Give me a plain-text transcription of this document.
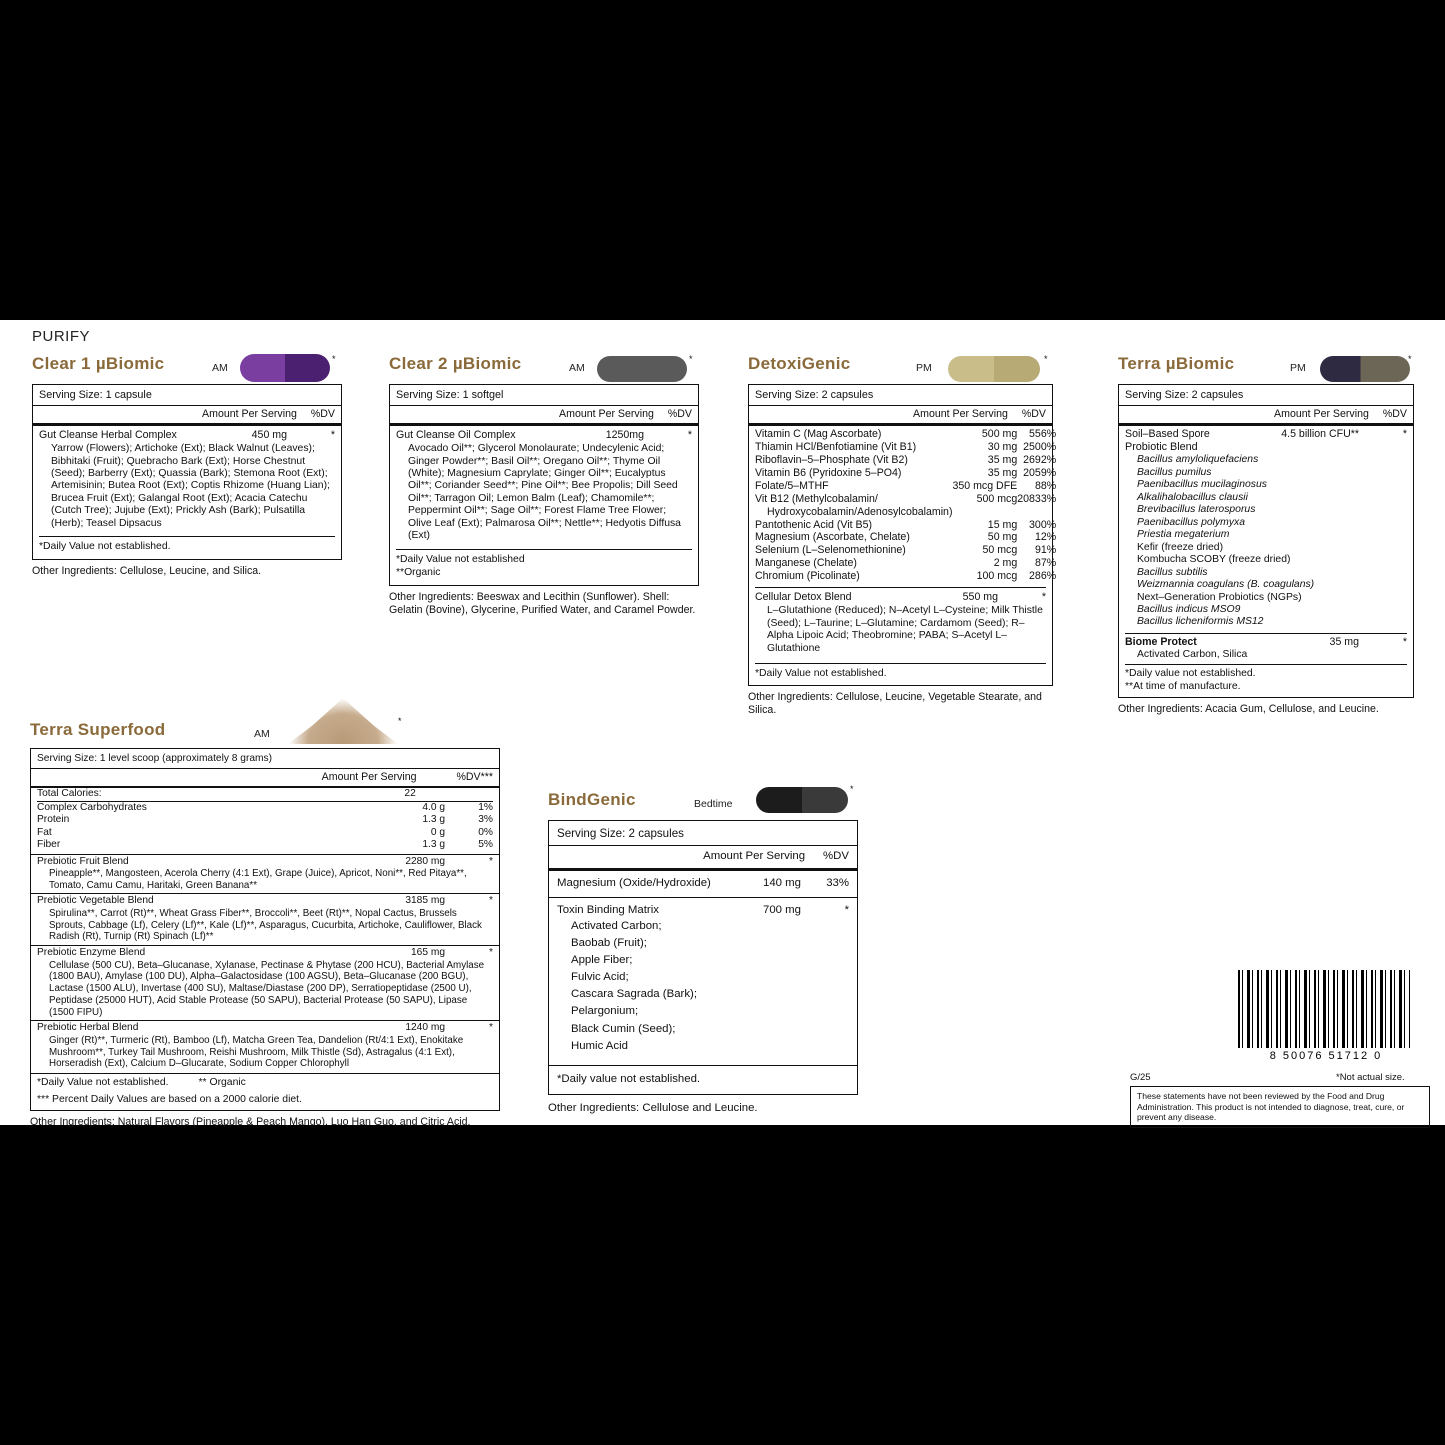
PURIFY
Clear 1 µBiomic	AM
*
Serving Size: 1 capsule
Amount Per Serving %DV
Gut Cleanse Herbal Complex	450 mg	*
Yarrow (Flowers); Artichoke (Ext); Black Walnut (Leaves); Bibhitaki (Fruit); Quebracho Bark (Ext); Horse Chestnut (Seed); Barberry (Ext); Quassia (Bark); Stemona Root (Ext); Artemisinin; Butea Root (Ext); Coptis Rhizome (Huang Lian); Brucea Fruit (Ext); Galangal Root (Ext); Acacia Catechu (Cutch Tree); Jujube (Ext); Prickly Ash (Bark); Pulsatilla (Herb); Teasel Dipsacus
*Daily Value not established.
Other Ingredients: Cellulose, Leucine, and Silica.
Clear 2 µBiomic	AM
*
Serving Size: 1 softgel
Amount Per Serving %DV
Gut Cleanse Oil Complex	1250mg	*
Avocado Oil**; Glycerol Monolaurate; Undecylenic Acid; Ginger Powder**; Basil Oil**; Oregano Oil**; Thyme Oil (White); Magnesium Caprylate; Ginger Oil**; Eucalyptus Oil**; Coriander Seed**; Pine Oil**; Bee Propolis; Dill Seed Oil**; Tarragon Oil; Lemon Balm (Leaf); Chamomile**; Peppermint Oil**; Sage Oil**; Forest Flame Tree Flower; Olive Leaf (Ext); Palmarosa Oil**; Nettle**; Hedyotis Diffusa (Ext)
*Daily Value not established
**Organic
Other Ingredients: Beeswax and Lecithin (Sunflower). Shell: Gelatin (Bovine), Glycerine, Purified Water, and Caramel Powder.
DetoxiGenic	PM
*
Serving Size: 2 capsules
Amount Per Serving %DV
Vitamin C (Mag Ascorbate)	500 mg	556%
Thiamin HCl/Benfotiamine (Vit B1)	30 mg	2500%
Riboflavin–5–Phosphate (Vit B2)	35 mg	2692%
Vitamin B6 (Pyridoxine 5–PO4)	35 mg	2059%
Folate/5–MTHF	350 mcg DFE	88%
Vit B12 (Methylcobalamin/	500 mcg	20833%
Hydroxycobalamin/Adenosylcobalamin)		
Pantothenic Acid (Vit B5)	15 mg	300%
Magnesium (Ascorbate, Chelate)	50 mg	12%
Selenium (L–Selenomethionine)	50 mcg	91%
Manganese (Chelate)	2 mg	87%
Chromium (Picolinate)	100 mcg	286%
Cellular Detox Blend	550 mg	*
L–Glutathione (Reduced); N–Acetyl L–Cysteine; Milk Thistle (Seed); L–Taurine; L–Glutamine; Cardamom (Seed); R–Alpha Lipoic Acid; Theobromine; PABA; S–Acetyl L–Glutathione
*Daily Value not established.
Other Ingredients: Cellulose, Leucine, Vegetable Stearate, and Silica.
Terra µBiomic	PM
*
Serving Size: 2 capsules
Amount Per Serving %DV
Soil–Based Spore	4.5 billion CFU**	*
Probiotic Blend
Bacillus amyloliquefaciens
Bacillus pumilus
Paenibacillus mucilaginosus
Alkalihalobacillus clausii
Brevibacillus laterosporus
Paenibacillus polymyxa
Priestia megaterium
Kefir (freeze dried)
Kombucha SCOBY (freeze dried)
Bacillus subtilis
Weizmannia coagulans (B. coagulans)
Next–Generation Probiotics (NGPs)
Bacillus indicus MSO9
Bacillus licheniformis MS12
Biome Protect	35 mg	*
Activated Carbon, Silica
*Daily value not established.
**At time of manufacture.
Other Ingredients: Acacia Gum, Cellulose, and Leucine.
Terra Superfood	AM
*
Serving Size: 1 level scoop (approximately 8 grams)
Amount Per Serving	%DV***
Total Calories:	22	
Complex Carbohydrates	4.0 g	1%
Protein	1.3 g	3%
Fat	0 g	0%
Fiber	1.3 g	5%
Prebiotic Fruit Blend	2280 mg	*
Pineapple**, Mangosteen, Acerola Cherry (4:1 Ext), Grape (Juice), Apricot, Noni**, Red Pitaya**, Tomato, Camu Camu, Haritaki, Green Banana**
Prebiotic Vegetable Blend	3185 mg	*
Spirulina**, Carrot (Rt)**, Wheat Grass Fiber**, Broccoli**, Beet (Rt)**, Nopal Cactus, Brussels Sprouts, Cabbage (Lf), Celery (Lf)**, Kale (Lf)**, Asparagus, Cucurbita, Artichoke, Cauliflower, Black Radish (Rt), Turnip (Rt) Spinach (Lf)**
Prebiotic Enzyme Blend	165 mg	*
Cellulase (500 CU), Beta–Glucanase, Xylanase, Pectinase & Phytase (200 HCU), Bacterial Amylase (1800 BAU), Amylase (100 DU), Alpha–Galactosidase (100 AGSU), Beta–Glucanase (200 BGU), Lactase (1500 ALU), Invertase (400 SU), Maltase/Diastase (200 DP), Serratiopeptidase (2500 U), Peptidase (25000 HUT), Acid Stable Protease (50 SAPU), Bacterial Protease (50 SAPU), Lipase (1500 FIPU)
Prebiotic Herbal Blend	1240 mg	*
Ginger (Rt)**, Turmeric (Rt), Bamboo (Lf), Matcha Green Tea, Dandelion (Rt/4:1 Ext), Enokitake Mushroom**, Turkey Tail Mushroom, Reishi Mushroom, Milk Thistle (Sd), Astragalus (4:1 Ext), Horseradish (Ext), Calcium D–Glucarate, Sodium Copper Chlorophyll
*Daily Value not established.	** Organic
*** Percent Daily Values are based on a 2000 calorie diet.
Other Ingredients: Natural Flavors (Pineapple & Peach Mango), Luo Han Guo, and Citric Acid.
BindGenic	Bedtime
*
Serving Size: 2 capsules
Amount Per Serving %DV
Magnesium (Oxide/Hydroxide)	140 mg	33%
Toxin Binding Matrix	700 mg	*
Activated Carbon;
Baobab (Fruit);
Apple Fiber;
Fulvic Acid;
Cascara Sagrada (Bark);
Pelargonium;
Black Cumin (Seed);
Humic Acid
*Daily value not established.
Other Ingredients: Cellulose and Leucine.
8 50076 51712 0
G/25	*Not actual size.
These statements have not been reviewed by the Food and Drug Administration. This product is not intended to diagnose, treat, cure, or prevent any disease.
